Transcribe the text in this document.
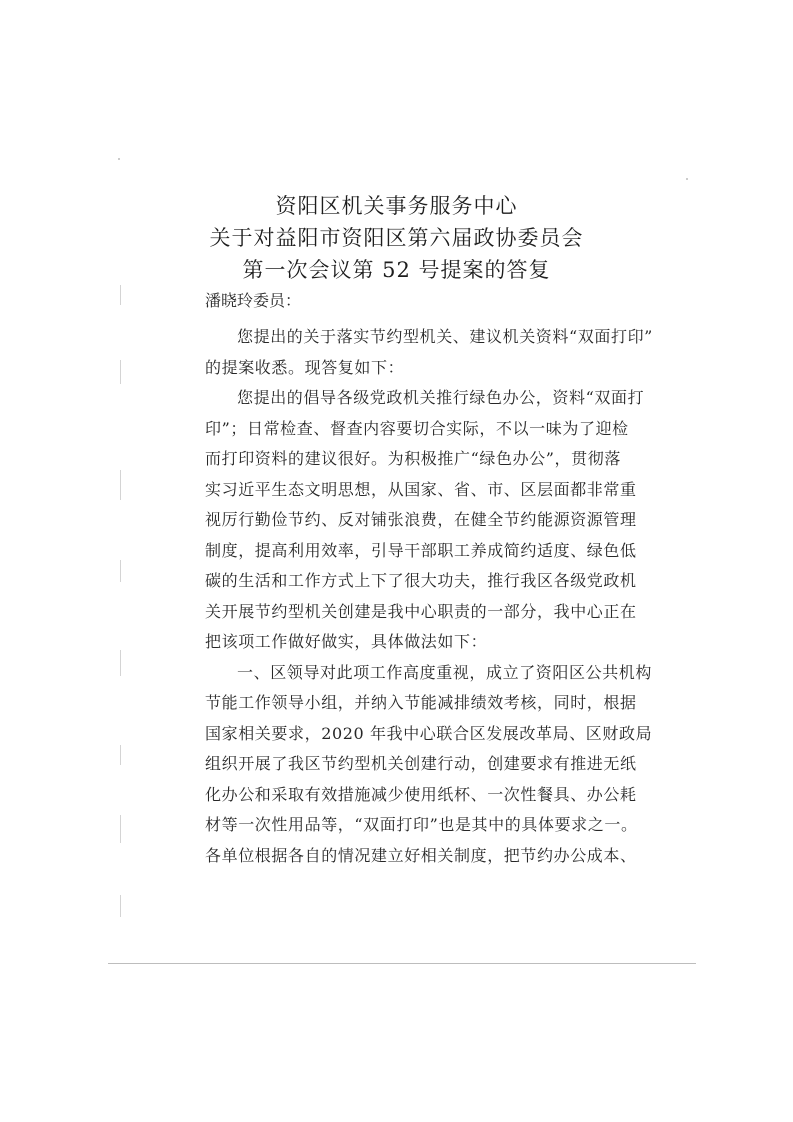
资阳区机关事务服务中心
关于对益阳市资阳区第六届政协委员会
第一次会议第 52 号提案的答复
潘晓玲委员：
您提出的关于落实节约型机关、建议机关资料“双面打印”
的提案收悉。现答复如下：
您提出的倡导各级党政机关推行绿色办公，资料“双面打
印”；日常检查、督查内容要切合实际，不以一味为了迎检
而打印资料的建议很好。为积极推广“绿色办公”，贯彻落
实习近平生态文明思想，从国家、省、市、区层面都非常重
视厉行勤俭节约、反对铺张浪费，在健全节约能源资源管理
制度，提高利用效率，引导干部职工养成简约适度、绿色低
碳的生活和工作方式上下了很大功夫，推行我区各级党政机
关开展节约型机关创建是我中心职责的一部分，我中心正在
把该项工作做好做实，具体做法如下：
一、区领导对此项工作高度重视，成立了资阳区公共机构
节能工作领导小组，并纳入节能减排绩效考核，同时，根据
国家相关要求，2020 年我中心联合区发展改革局、区财政局
组织开展了我区节约型机关创建行动，创建要求有推进无纸
化办公和采取有效措施减少使用纸杯、一次性餐具、办公耗
材等一次性用品等，“双面打印”也是其中的具体要求之一。
各单位根据各自的情况建立好相关制度，把节约办公成本、
